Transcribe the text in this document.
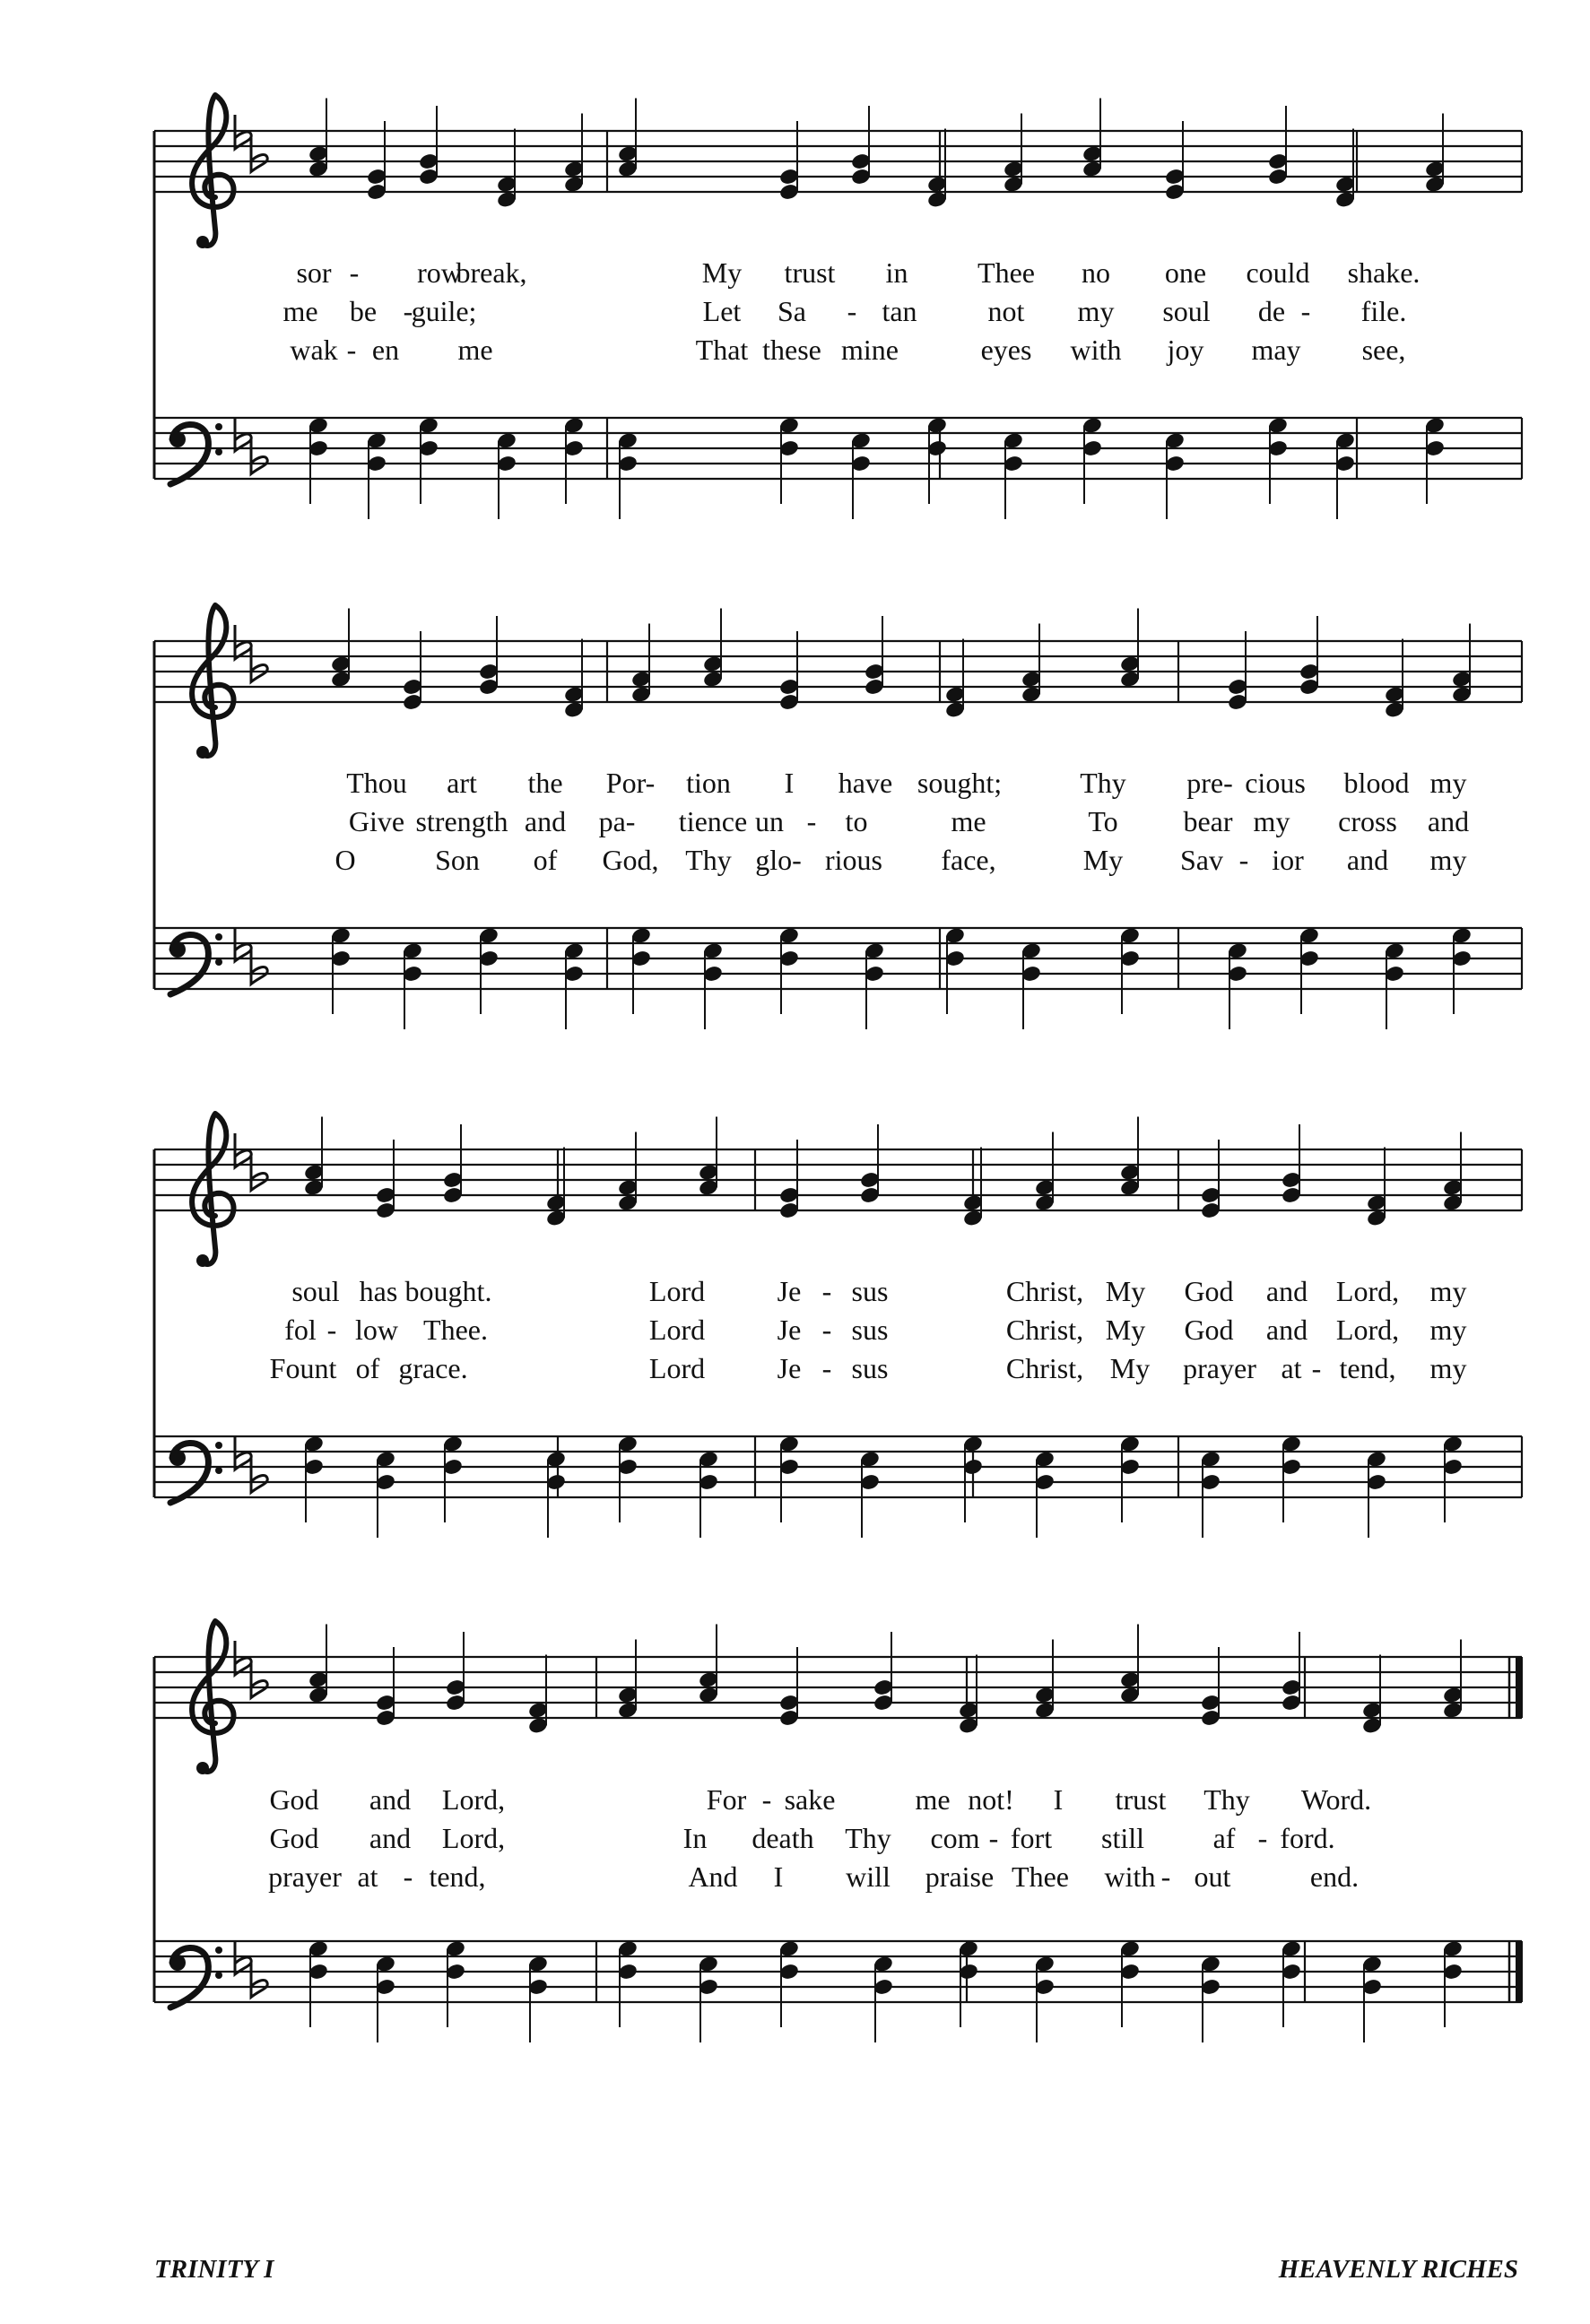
sor - row
break,	My trust in Thee no one could shake.
me be -
guile;	Let Sa - tan not my soul de - file.
wak - en me	That these mine	eyes with joy may see,
Thou art the Por- tion I have sought;	Thy pre- cious blood my
Give strength and pa- tience un - to	me	To bear my cross and
O	Son of God, Thy glo- rious face,	My Sav - ior and my
soul has bought.	Lord	Je - sus	Christ, My God and Lord, my
fol - low Thee.	Lord	Je - sus	Christ, My God and Lord, my
Fount of grace.	Lord	Je - sus	Christ, My prayer at - tend, my
God and Lord,	For - sake	me not! I trust Thy Word.
God and Lord,	In death Thy com - fort still af - ford.
prayer at - tend,	And I will praise Thee with - out	end.
TRINITY I	HEAVENLY RICHES
